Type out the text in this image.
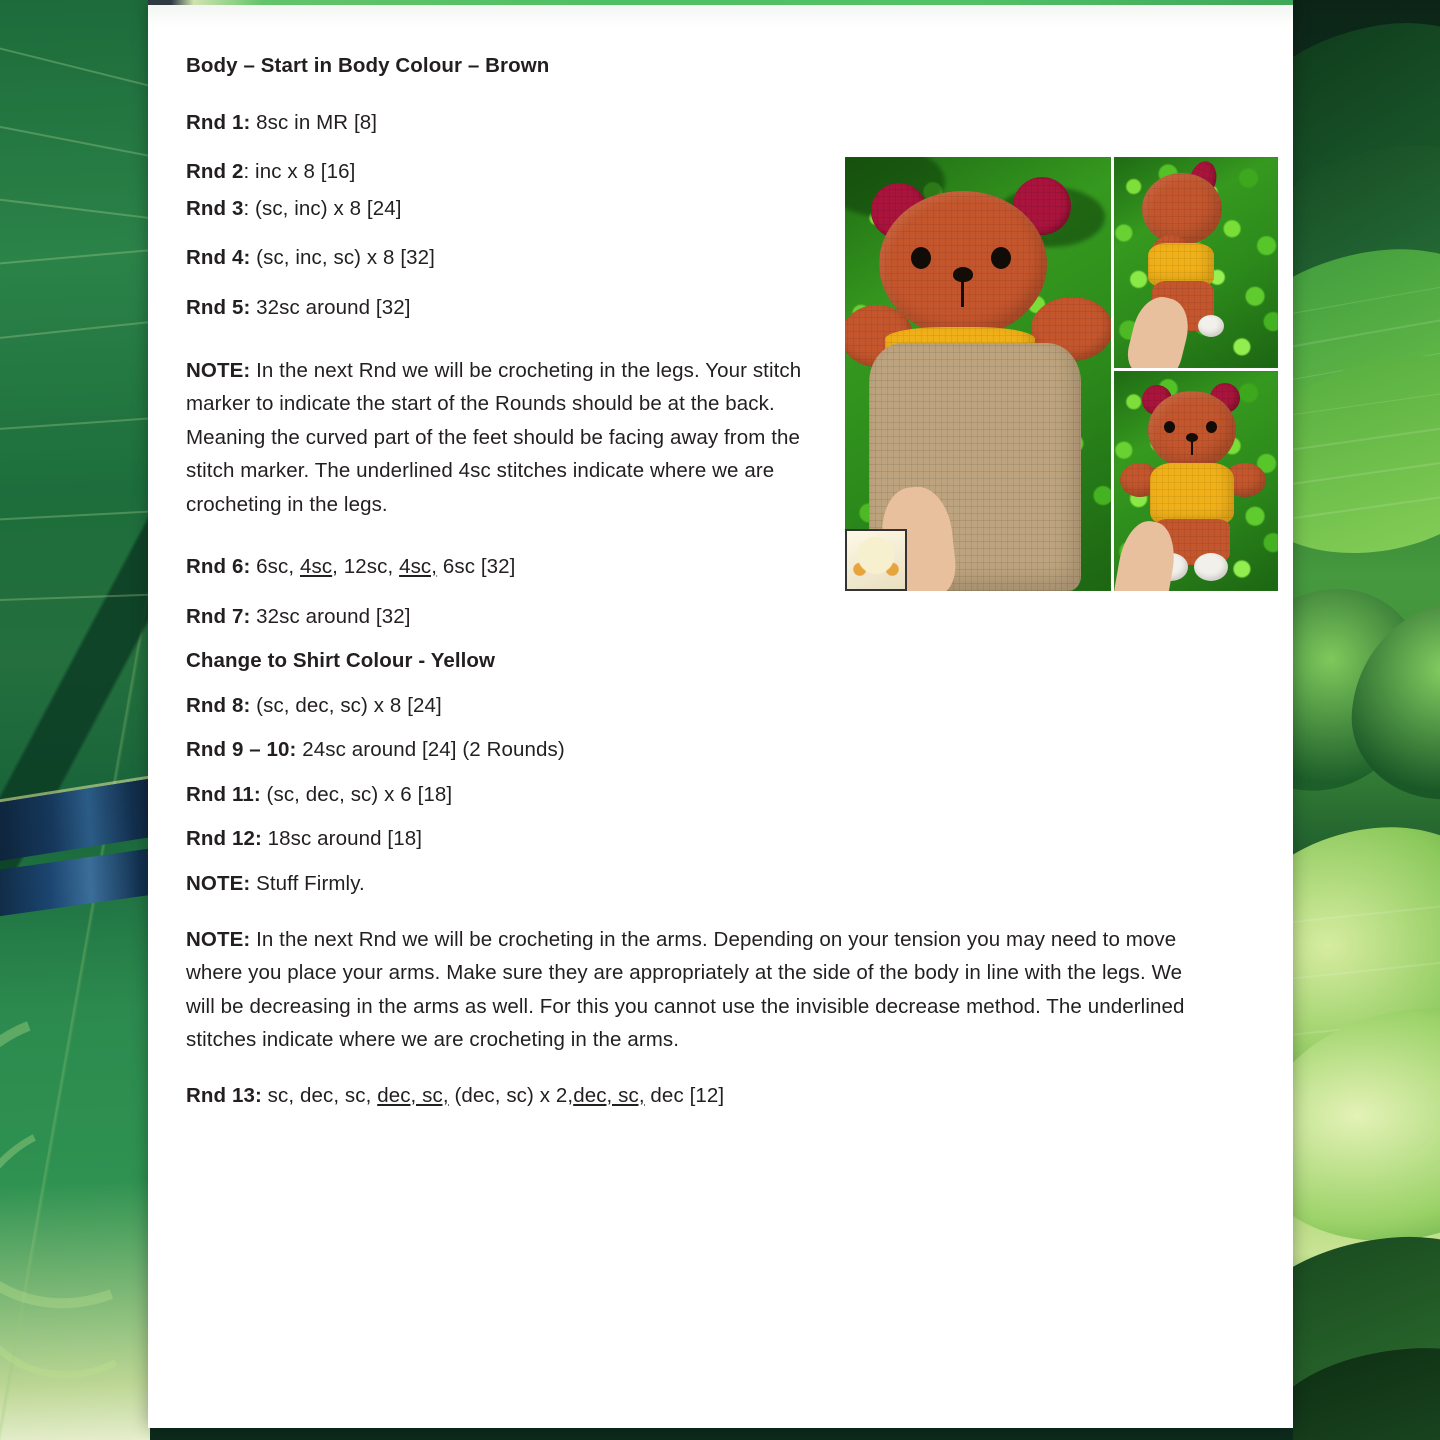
Body – Start in Body Colour – Brown
Rnd 1: 8sc in MR [8]
Rnd 2: inc x 8 [16]
Rnd 3: (sc, inc) x 8 [24]
Rnd 4: (sc, inc, sc) x 8 [32]
Rnd 5: 32sc around [32]
NOTE: In the next Rnd we will be crocheting in the legs. Your stitch marker to indicate the start of the Rounds should be at the back. Meaning the curved part of the feet should be facing away from the stitch marker. The underlined 4sc stitches indicate where we are crocheting in the legs.
Rnd 6: 6sc, 4sc, 12sc, 4sc, 6sc [32]
Rnd 7: 32sc around [32]
Change to Shirt Colour - Yellow
Rnd 8: (sc, dec, sc) x 8 [24]
Rnd 9 – 10: 24sc around [24] (2 Rounds)
Rnd 11: (sc, dec, sc) x 6 [18]
Rnd 12: 18sc around [18]
NOTE: Stuff Firmly.
NOTE: In the next Rnd we will be crocheting in the arms. Depending on your tension you may need to move where you place your arms. Make sure they are appropriately at the side of the body in line with the legs. We will be decreasing in the arms as well. For this you cannot use the invisible decrease method. The underlined stitches indicate where we are crocheting in the arms.
Rnd 13: sc, dec, sc, dec, sc, (dec, sc) x 2,dec, sc, dec [12]
